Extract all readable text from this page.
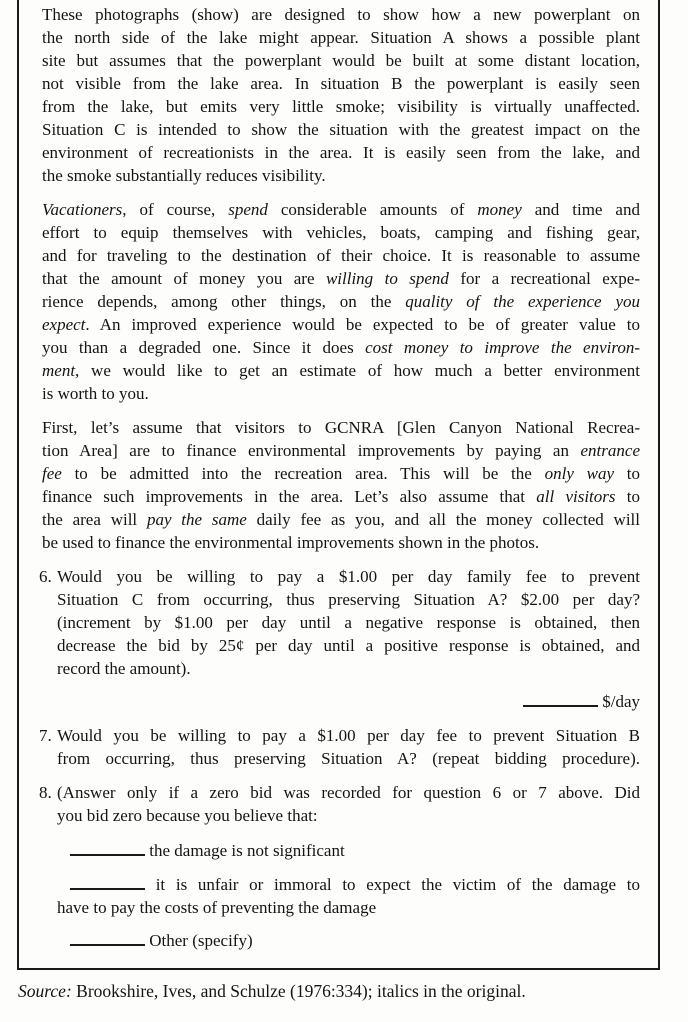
These photographs (show) are designed to show how a new powerplant on
the north side of the lake might appear. Situation A shows a possible plant
site but assumes that the powerplant would be built at some distant location,
not visible from the lake area. In situation B the powerplant is easily seen
from the lake, but emits very little smoke; visibility is virtually unaffected.
Situation C is intended to show the situation with the greatest impact on the
environment of recreationists in the area. It is easily seen from the lake, and
the smoke substantially reduces visibility.
Vacationers, of course, spend considerable amounts of money and time and
effort to equip themselves with vehicles, boats, camping and fishing gear,
and for traveling to the destination of their choice. It is reasonable to assume
that the amount of money you are willing to spend for a recreational expe-
rience depends, among other things, on the quality of the experience you
expect. An improved experience would be expected to be of greater value to
you than a degraded one. Since it does cost money to improve the environ-
ment, we would like to get an estimate of how much a better environment
is worth to you.
First, let’s assume that visitors to GCNRA [Glen Canyon National Recrea-
tion Area] are to finance environmental improvements by paying an entrance
fee to be admitted into the recreation area. This will be the only way to
finance such improvements in the area. Let’s also assume that all visitors to
the area will pay the same daily fee as you, and all the money collected will
be used to finance the environmental improvements shown in the photos.
6. Would you be willing to pay a $1.00 per day family fee to prevent
Situation C from occurring, thus preserving Situation A? $2.00 per day?
(increment by $1.00 per day until a negative response is obtained, then
decrease the bid by 25¢ per day until a positive response is obtained, and
record the amount).
$/day
7. Would you be willing to pay a $1.00 per day fee to prevent Situation B
from occurring, thus preserving Situation A? (repeat bidding procedure).
8. (Answer only if a zero bid was recorded for question 6 or 7 above. Did
you bid zero because you believe that:
the damage is not significant
it is unfair or immoral to expect the victim of the damage to
have to pay the costs of preventing the damage
Other (specify)
Source: Brookshire, Ives, and Schulze (1976:334); italics in the original.
